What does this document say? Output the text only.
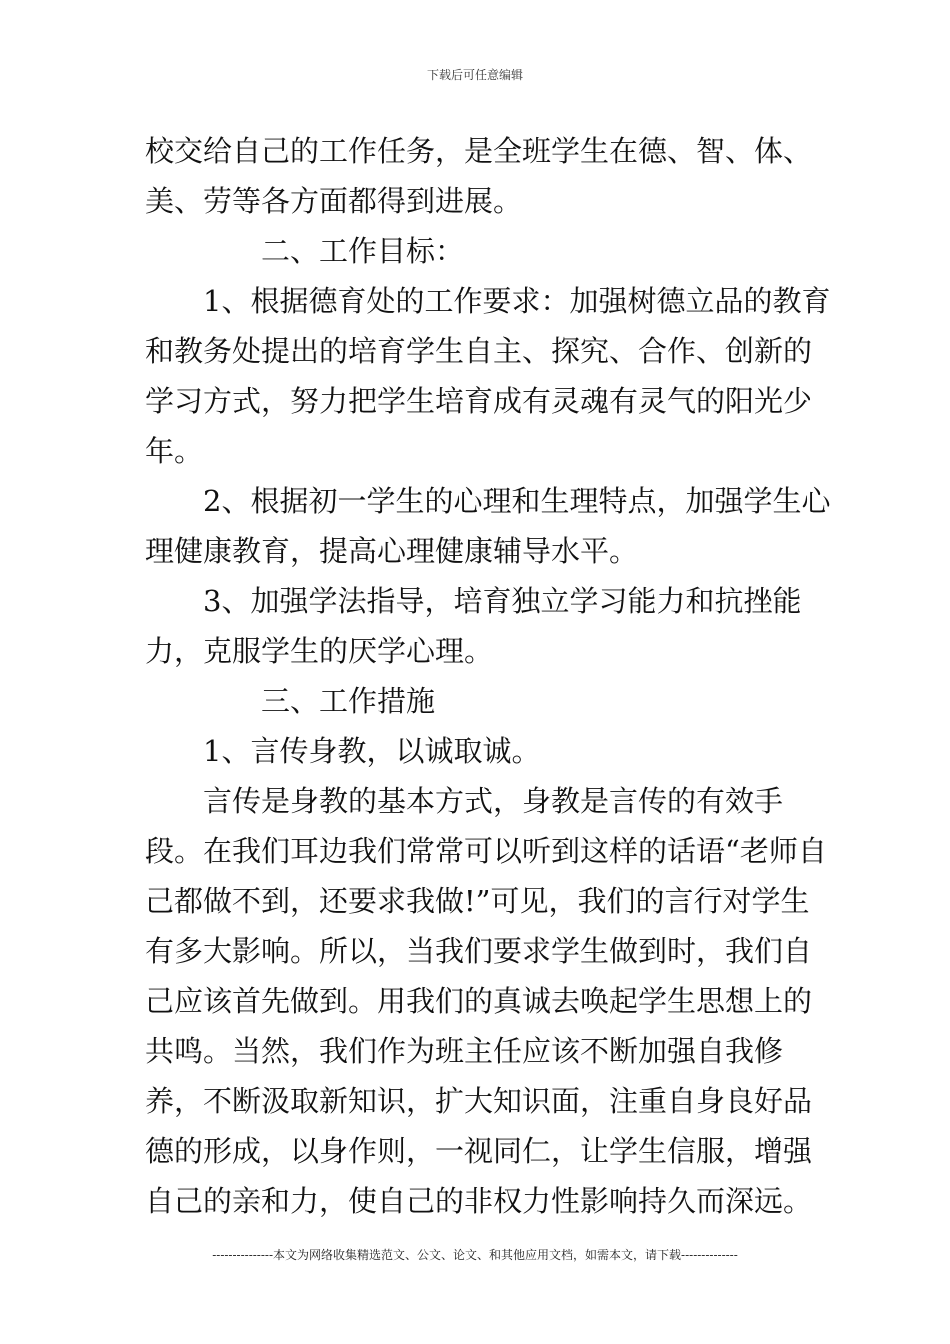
下载后可任意编辑

校交给自己的工作任务，是全班学生在德、智、体、美、劳等各方面都得到进展。

二、工作目标：

1、根据德育处的工作要求：加强树德立品的教育和教务处提出的培育学生自主、探究、合作、创新的学习方式，努力把学生培育成有灵魂有灵气的阳光少年。

2、根据初一学生的心理和生理特点，加强学生心理健康教育，提高心理健康辅导水平。

3、加强学法指导，培育独立学习能力和抗挫能力，克服学生的厌学心理。

三、工作措施

1、言传身教，以诚取诚。

言传是身教的基本方式，身教是言传的有效手段。在我们耳边我们常常可以听到这样的话语“老师自己都做不到，还要求我做!”可见，我们的言行对学生有多大影响。所以，当我们要求学生做到时，我们自己应该首先做到。用我们的真诚去唤起学生思想上的共鸣。当然，我们作为班主任应该不断加强自我修养，不断汲取新知识，扩大知识面，注重自身良好品德的形成，以身作则，一视同仁，让学生信服，增强自己的亲和力，使自己的非权力性影响持久而深远。

---------------本文为网络收集精选范文、公文、论文、和其他应用文档，如需本文，请下载--------------
